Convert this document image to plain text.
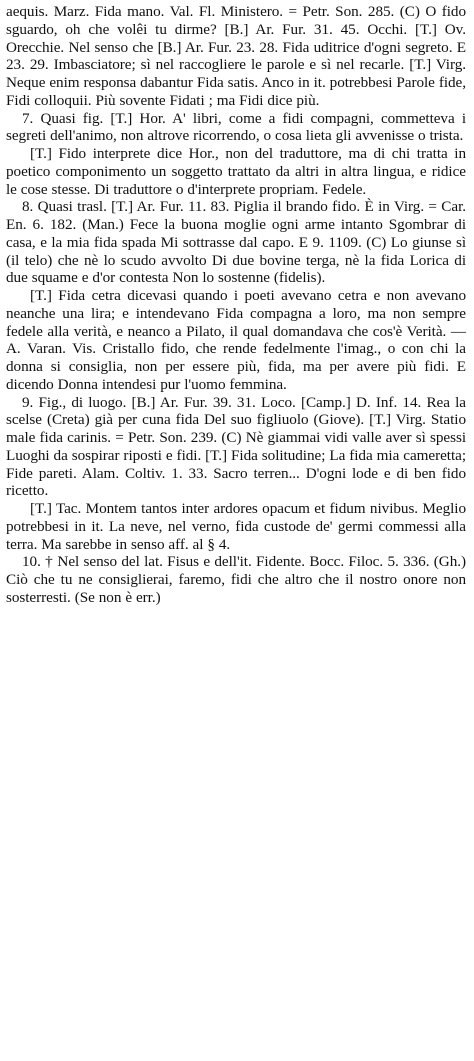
aequis. Marz. Fida mano. Val. Fl. Ministero. = Petr. Son. 285. (C) O fido sguardo, oh che volêi tu dirme? [B.] Ar. Fur. 31. 45. Occhi. [T.] Ov. Orecchie. Nel senso che [B.] Ar. Fur. 23. 28. Fida uditrice d'ogni segreto. E 23. 29. Imbasciatore; sì nel raccogliere le parole e sì nel recarle. [T.] Virg. Neque enim responsa dabantur Fida satis. Anco in it. potrebbesi Parole fide, Fidi colloquii. Più sovente Fidati ; ma Fidi dice più.

7. Quasi fig. [T.] Hor. A' libri, come a fidi compagni, commetteva i segreti dell'animo, non altrove ricorrendo, o cosa lieta gli avvenisse o trista.

[T.] Fido interprete dice Hor., non del traduttore, ma di chi tratta in poetico componimento un soggetto trattato da altri in altra lingua, e ridice le cose stesse. Di traduttore o d'interprete propriam. Fedele.

8. Quasi trasl. [T.] Ar. Fur. 11. 83. Piglia il brando fido. È in Virg. = Car. En. 6. 182. (Man.) Fece la buona moglie ogni arme intanto Sgombrar di casa, e la mia fida spada Mi sottrasse dal capo. E 9. 1109. (C) Lo giunse sì (il telo) che nè lo scudo avvolto Di due bovine terga, nè la fida Lorica di due squame e d'or contesta Non lo sostenne (fidelis).

[T.] Fida cetra dicevasi quando i poeti avevano cetra e non avevano neanche una lira; e intendevano Fida compagna a loro, ma non sempre fedele alla verità, e neanco a Pilato, il qual domandava che cos'è Verità. — A. Varan. Vis. Cristallo fido, che rende fedelmente l'imag., o con chi la donna si consiglia, non per essere più, fida, ma per avere più fidi. E dicendo Donna intendesi pur l'uomo femmina.

9. Fig., di luogo. [B.] Ar. Fur. 39. 31. Loco. [Camp.] D. Inf. 14. Rea la scelse (Creta) già per cuna fida Del suo figliuolo (Giove). [T.] Virg. Statio male fida carinis. = Petr. Son. 239. (C) Nè giammai vidi valle aver sì spessi Luoghi da sospirar riposti e fidi. [T.] Fida solitudine; La fida mia cameretta; Fide pareti. Alam. Coltiv. 1. 33. Sacro terren... D'ogni lode e di ben fido ricetto.

[T.] Tac. Montem tantos inter ardores opacum et fidum nivibus. Meglio potrebbesi in it. La neve, nel verno, fida custode de' germi commessi alla terra. Ma sarebbe in senso aff. al § 4.

10. † Nel senso del lat. Fisus e dell'it. Fidente. Bocc. Filoc. 5. 336. (Gh.) Ciò che tu ne consiglierai, faremo, fidi che altro che il nostro onore non sosterresti. (Se non è err.)
